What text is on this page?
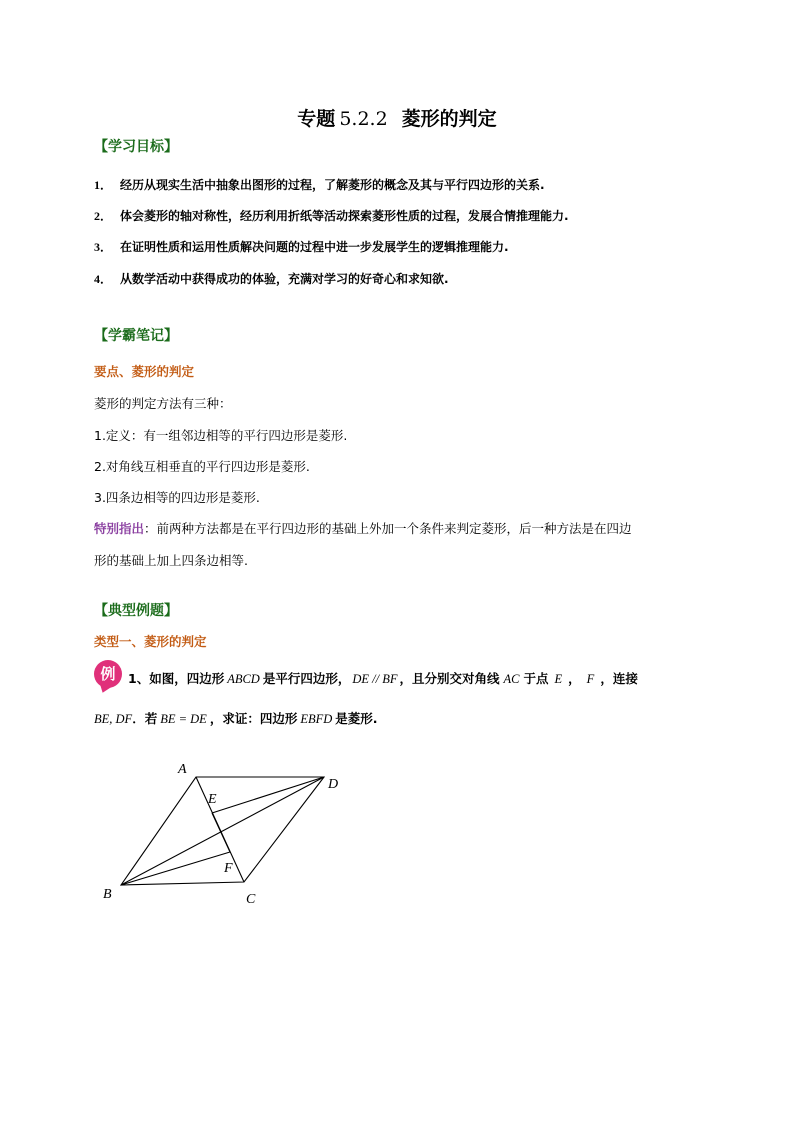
专题 5.2.2 菱形的判定
【学习目标】
1． 经历从现实生活中抽象出图形的过程，了解菱形的概念及其与平行四边形的关系.
2． 体会菱形的轴对称性，经历利用折纸等活动探索菱形性质的过程，发展合情推理能力.
3． 在证明性质和运用性质解决问题的过程中进一步发展学生的逻辑推理能力.
4． 从数学活动中获得成功的体验，充满对学习的好奇心和求知欲.
【学霸笔记】
要点、菱形的判定
菱形的判定方法有三种：
1.定义：有一组邻边相等的平行四边形是菱形.
2.对角线互相垂直的平行四边形是菱形.
3.四条边相等的四边形是菱形.
特别指出：前两种方法都是在平行四边形的基础上外加一个条件来判定菱形，后一种方法是在四边
形的基础上加上四条边相等.
【典型例题】
类型一、菱形的判定
例	1、如图，四边形 ABCD 是平行四边形， DE // BF ，且分别交对角线 AC 于点 E ， F ，连接
BE, DF．若 BE = DE ，求证：四边形 EBFD 是菱形.
A
D
E
F
B	C
